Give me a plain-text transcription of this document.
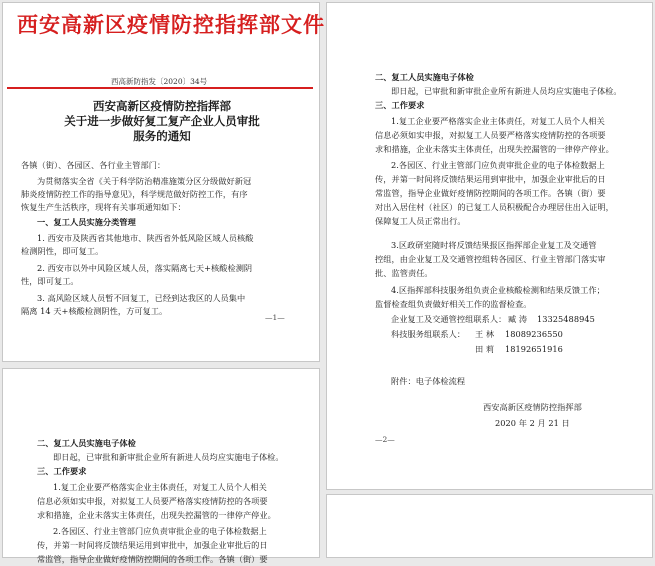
西安高新区疫情防控指挥部文件
西高新防指发〔2020〕34号
西安高新区疫情防控指挥部
关于进一步做好复工复产企业人员审批
服务的通知
各镇（街）、各园区、各行业主管部门：
为贯彻落实全省《关于科学防治精准施策分区分级做好新冠
肺炎疫情防控工作的指导意见》，科学规范做好防控工作，有序
恢复生产生活秩序，现将有关事项通知如下：
一、复工人员实施分类管理
1. 西安市及陕西省其他地市、陕西省外低风险区域人员核酸
检测阴性，即可复工。
2. 西安市以外中风险区域人员，落实隔离七天+核酸检测阴
性，即可复工。
3. 高风险区域人员暂不回复工，已经到达我区的人员集中
隔离 14 天+核酸检测阴性，方可复工。
—1—
二、复工人员实施电子体检
即日起，已审批和新审批企业所有新进人员均应实施电子体检。
三、工作要求
1.复工企业要严格落实企业主体责任，对复工人员个人相关
信息必须如实申报，对拟复工人员要严格落实疫情防控的各项要
求和措施，企业未落实主体责任，出现失控漏管的一律停产停业。
2.各园区、行业主管部门应负责审批企业的电子体检数据上
传，并第一时间将反馈结果运用到审批中，加强企业审批后的日
常监管，指导企业做好疫情防控期间的各项工作。各镇（街）要
对出入居住村（社区）的已复工人员积极配合办理居住出入证明，
保障复工人员正常出行。
3.区政研室随时将反馈结果报区指挥部企业复工及交通管
控组，由企业复工及交通管控组转各园区、行业主管部门落实审
批、监管责任。
4.区指挥部科技服务组负责企业核酸检测和结果反馈工作；
监督检查组负责做好相关工作的监督检查。
企业复工及交通管控组联系人： 臧 涛 13325488945
科技服务组联系人： 王 林 18089236550
田 莉 18192651916
附件：电子体检流程
西安高新区疫情防控指挥部
2020 年 2 月 21 日
—2—
二、复工人员实施电子体检
即日起，已审批和新审批企业所有新进人员均应实施电子体检。
三、工作要求
1.复工企业要严格落实企业主体责任，对复工人员个人相关
信息必须如实申报，对拟复工人员要严格落实疫情防控的各项要
求和措施，企业未落实主体责任，出现失控漏管的一律停产停业。
2.各园区、行业主管部门应负责审批企业的电子体检数据上
传，并第一时间将反馈结果运用到审批中，加强企业审批后的日
常监管，指导企业做好疫情防控期间的各项工作。各镇（街）要
